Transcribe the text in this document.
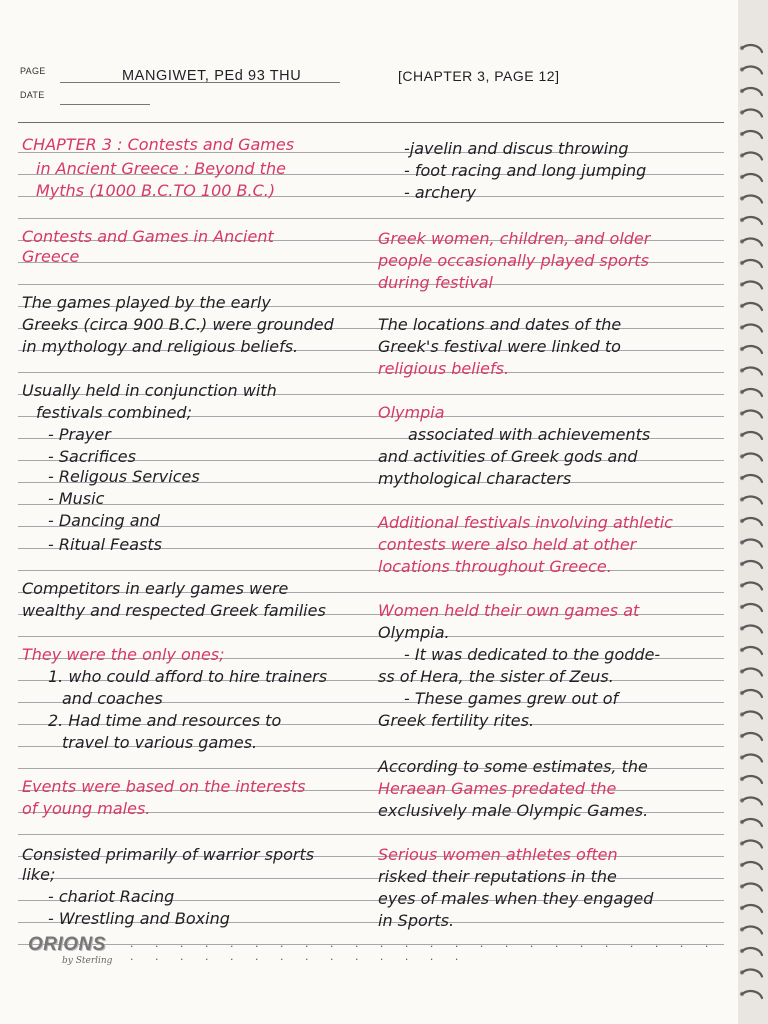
PAGE
DATE
MANGIWET, PEd 93 THU	[CHAPTER 3, PAGE 12]
CHAPTER 3 : Contests and Games
in Ancient Greece : Beyond the
Myths (1000 B.C.TO 100 B.C.)
Contests and Games in Ancient
Greece
The games played by the early
Greeks (circa 900 B.C.) were grounded
in mythology and religious beliefs.
Usually held in conjunction with
festivals combined;
- Prayer
- Sacrifices
- Religous Services
- Music
- Dancing and
- Ritual Feasts
Competitors in early games were
wealthy and respected Greek families
They were the only ones;
1. who could afford to hire trainers
and coaches
2. Had time and resources to
travel to various games.
Events were based on the interests
of young males.
Consisted primarily of warrior sports
like;
- chariot Racing
- Wrestling and Boxing
-javelin and discus throwing
- foot racing and long jumping
- archery
Greek women, children, and older
people occasionally played sports
during festival
The locations and dates of the
Greek's festival were linked to
religious beliefs.
Olympia
associated with achievements
and activities of Greek gods and
mythological characters
Additional festivals involving athletic
contests were also held at other
locations throughout Greece.
Women held their own games at
Olympia.
- It was dedicated to the godde-
ss of Hera, the sister of Zeus.
- These games grew out of
Greek fertility rites.
According to some estimates, the
Heraean Games predated the
exclusively male Olympic Games.
Serious women athletes often
risked their reputations in the
eyes of males when they engaged
in Sports.
. . . . . . . . . . . . . . . . . . . . . . . . . . . . . . . . . . . . . .
ORIONS
by Sterling
